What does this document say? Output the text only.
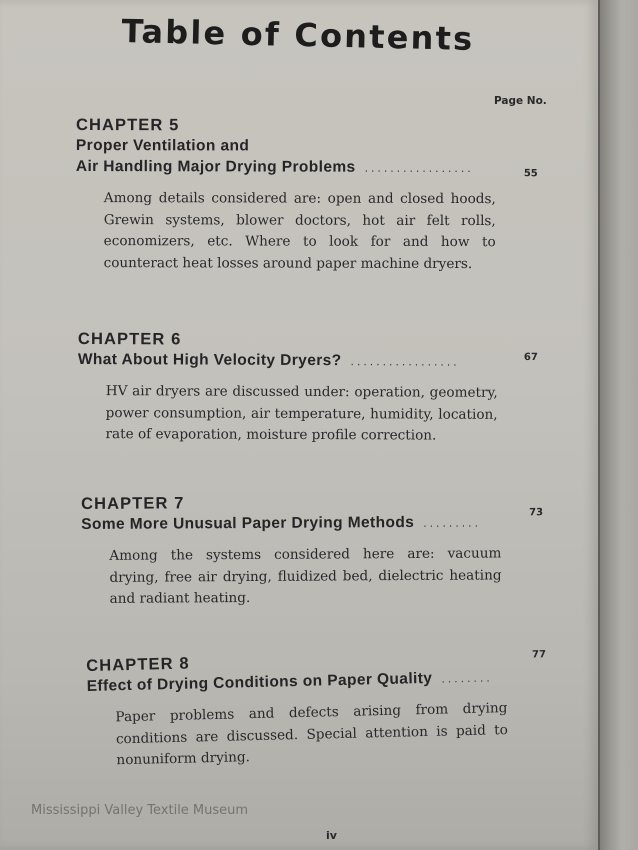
Table of Contents
Page No.
CHAPTER 5
Proper Ventilation and
Air Handling Major Drying Problems .................	55
Among details considered are: open and closed hoods, Grewin systems, blower doctors, hot air felt rolls, economizers, etc. Where to look for and how to counteract heat losses around paper machine dryers.
CHAPTER 6
What About High Velocity Dryers? .................
67
HV air dryers are discussed under: operation, geometry, power consumption, air temperature, humidity, location, rate of evaporation, moisture profile correction.
CHAPTER 7
Some More Unusual Paper Drying Methods .........
73
Among the systems considered here are: vacuum drying, free air drying, fluidized bed, dielectric heating and radiant heating.
CHAPTER 8
Effect of Drying Conditions on Paper Quality ........
77
Paper problems and defects arising from drying conditions are discussed. Special attention is paid to nonuniform drying.
Mississippi Valley Textile Museum
iv
